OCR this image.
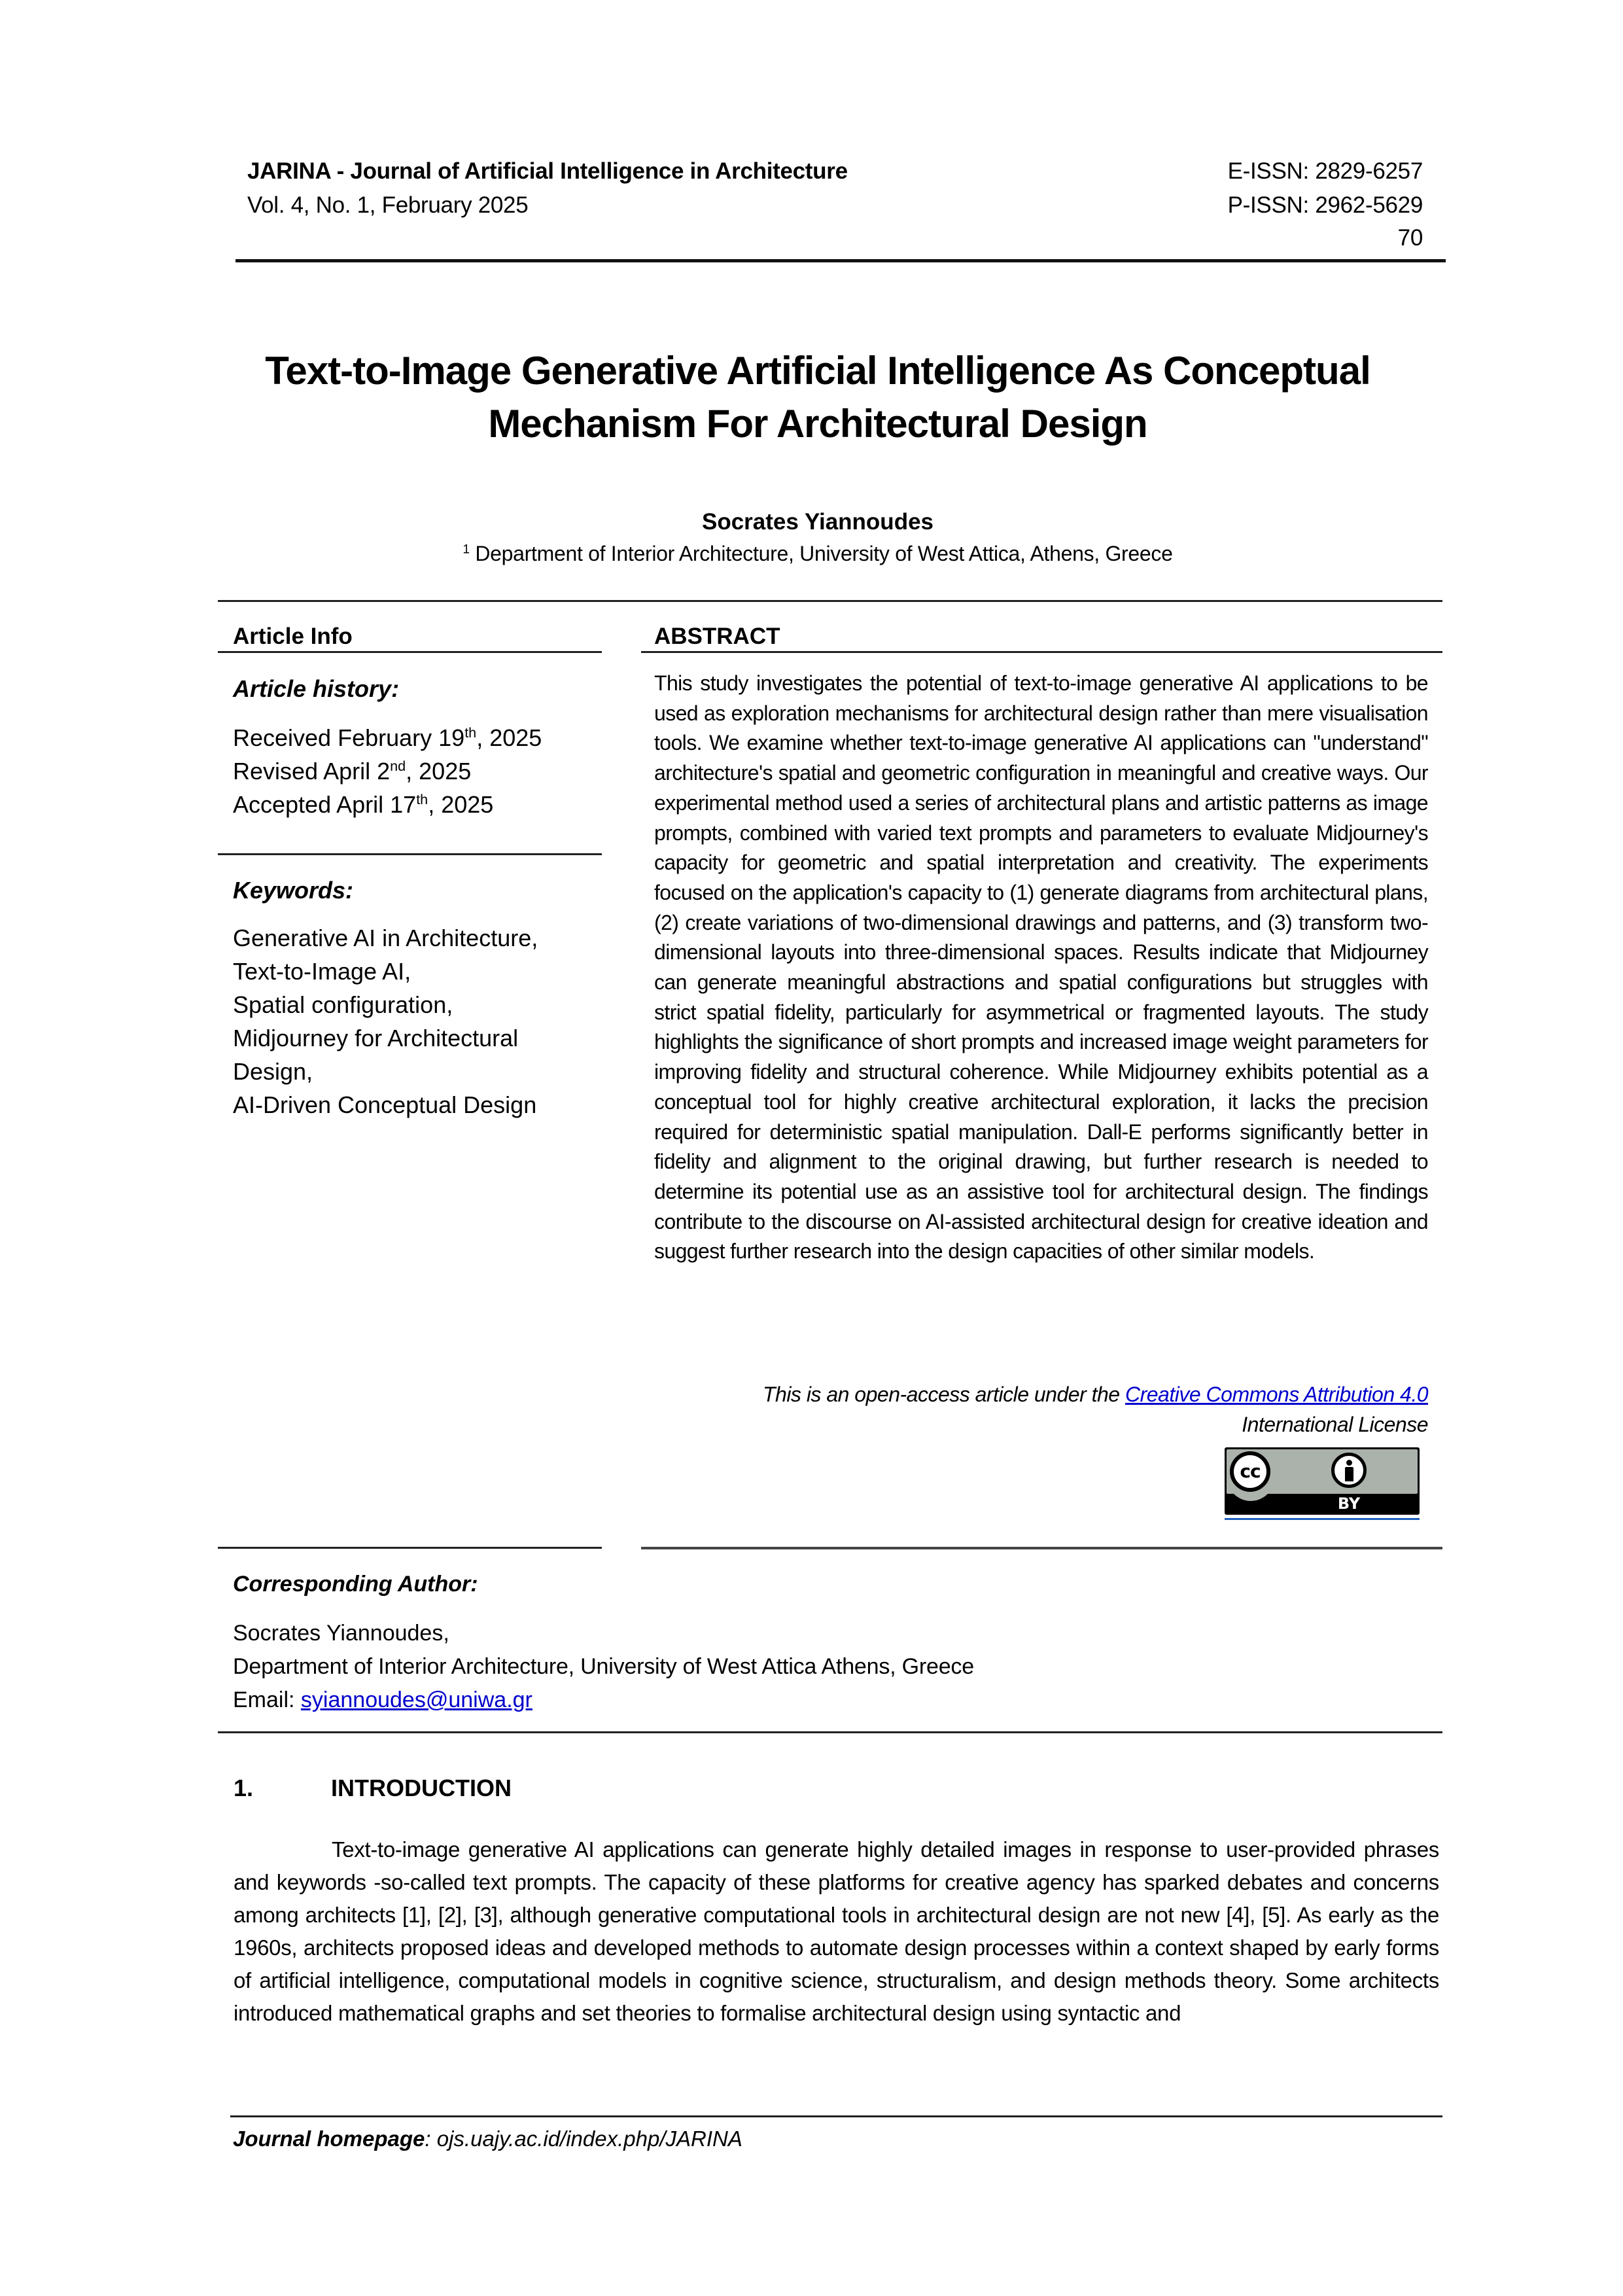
JARINA - Journal of Artificial Intelligence in Architecture
Vol. 4, No. 1, February 2025
E-ISSN: 2829-6257
P-ISSN: 2962-5629
70
Text-to-Image Generative Artificial Intelligence As Conceptual
Mechanism For Architectural Design
Socrates Yiannoudes
$^1$ Department of Interior Architecture, University of West Attica, Athens, Greece
Article Info
Article history:
Received February 19th, 2025
Revised April 2nd, 2025
Accepted April 17th, 2025
Keywords:
Generative AI in Architecture,
Text-to-Image AI,
Spatial configuration,
Midjourney for Architectural
Design,
AI-Driven Conceptual Design
ABSTRACT

This study investigates the potential of text-to-image generative AI applications to be used as exploration mechanisms for architectural design rather than mere visualisation tools. We examine whether text-to-image generative AI applications can "understand" architecture's spatial and geometric configuration in meaningful and creative ways. Our experimental method used a series of architectural plans and artistic patterns as image prompts, combined with varied text prompts and parameters to evaluate Midjourney's capacity for geometric and spatial interpretation and creativity. The experiments focused on the application's capacity to (1) generate diagrams from architectural plans, (2) create variations of two-dimensional drawings and patterns, and (3) transform two-dimensional layouts into three-dimensional spaces. Results indicate that Midjourney can generate meaningful abstractions and spatial configurations but struggles with strict spatial fidelity, particularly for asymmetrical or fragmented layouts. The study highlights the significance of short prompts and increased image weight parameters for improving fidelity and structural coherence. While Midjourney exhibits potential as a conceptual tool for highly creative architectural exploration, it lacks the precision required for deterministic spatial manipulation. Dall-E performs significantly better in fidelity and alignment to the original drawing, but further research is needed to determine its potential use as an assistive tool for architectural design. The findings contribute to the discourse on AI-assisted architectural design for creative ideation and suggest further research into the design capacities of other similar models.

This is an open-access article under the Creative Commons Attribution 4.0
International License
cc
BY
Corresponding Author:
Socrates Yiannoudes,
Department of Interior Architecture, University of West Attica Athens, Greece
Email: syiannoudes@uniwa.gr
1.	INTRODUCTION

Text-to-image generative AI applications can generate highly detailed images in response to user-provided phrases and keywords -so-called text prompts. The capacity of these platforms for creative agency has sparked debates and concerns among architects [1], [2], [3], although generative computational tools in architectural design are not new [4], [5]. As early as the 1960s, architects proposed ideas and developed methods to automate design processes within a context shaped by early forms of artificial intelligence, computational models in cognitive science, structuralism, and design methods theory. Some architects introduced mathematical graphs and set theories to formalise architectural design using syntactic and

Journal homepage: ojs.uajy.ac.id/index.php/JARINA
